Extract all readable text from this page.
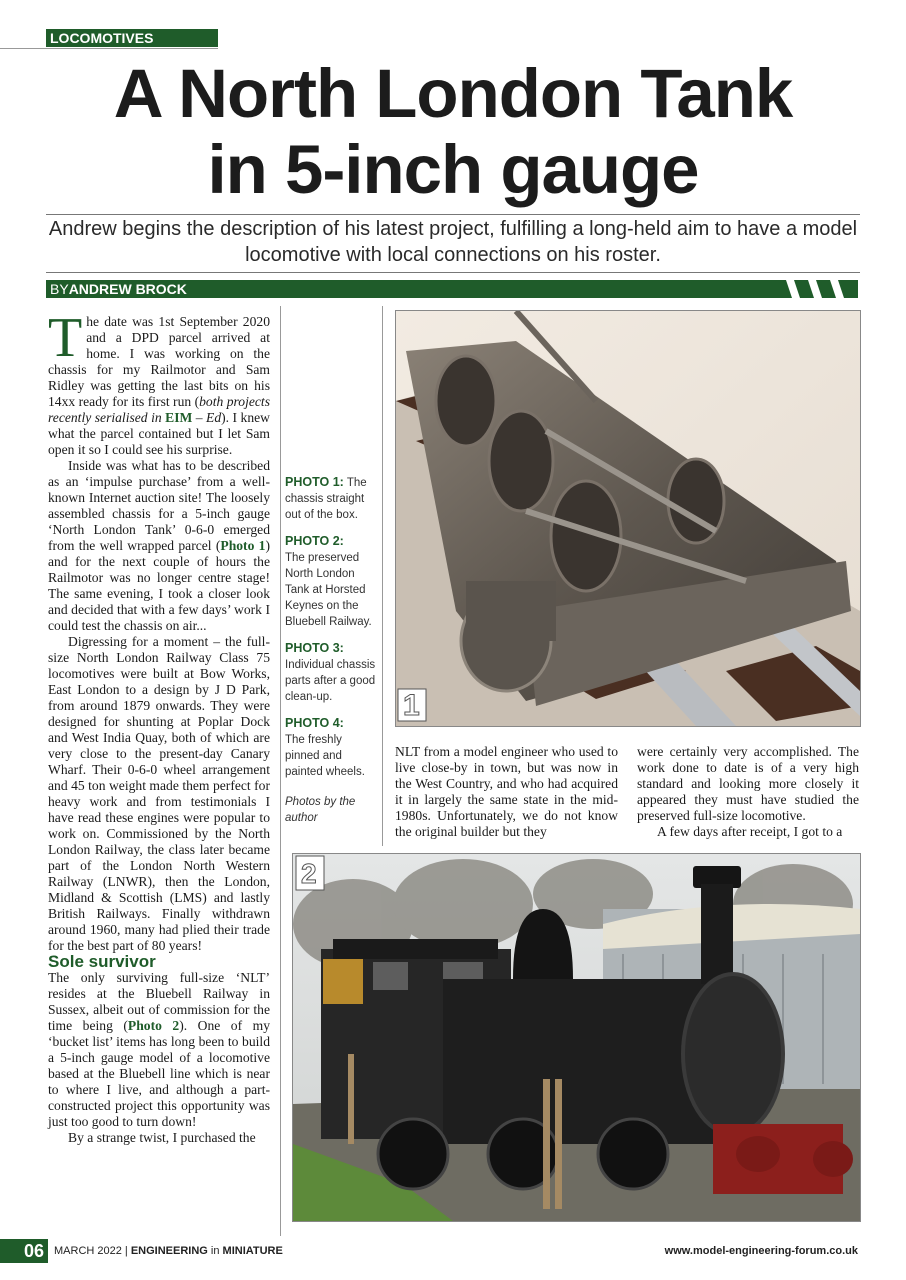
LOCOMOTIVES
A North London Tank
in 5-inch gauge
Andrew begins the description of his latest project, fulfilling a long-held aim to have a model locomotive with local connections on his roster.
BYANDREW BROCK

The date was 1st September 2020 and a DPD parcel arrived at home. I was working on the chassis for my Railmotor and Sam Ridley was getting the last bits on his 14xx ready for its first run (both projects recently serialised in EIM – Ed). I knew what the parcel contained but I let Sam open it so I could see his surprise.

Inside was what has to be described as an ‘impulse purchase’ from a well-known Internet auction site! The loosely assembled chassis for a 5-inch gauge ‘North London Tank’ 0-6-0 emerged from the well wrapped parcel (Photo 1) and for the next couple of hours the Railmotor was no longer centre stage! The same evening, I took a closer look and decided that with a few days’ work I could test the chassis on air...

Digressing for a moment – the full-size North London Railway Class 75 locomotives were built at Bow Works, East London to a design by J D Park, from around 1879 onwards. They were designed for shunting at Poplar Dock and West India Quay, both of which are very close to the present-day Canary Wharf. Their 0-6-0 wheel arrangement and 45 ton weight made them perfect for heavy work and from testimonials I have read these engines were popular to work on. Commissioned by the North London Railway, the class later became part of the London North Western Railway (LNWR), then the London, Midland & Scottish (LMS) and lastly British Railways. Finally withdrawn around 1960, many had plied their trade for the best part of 80 years!

Sole survivor

The only surviving full-size ‘NLT’ resides at the Bluebell Railway in Sussex, albeit out of commission for the time being (Photo 2). One of my ‘bucket list’ items has long been to build a 5-inch gauge model of a locomotive based at the Bluebell line which is near to where I live, and although a part-constructed project this opportunity was just too good to turn down!

By a strange twist, I purchased the

PHOTO 1: The chassis straight out of the box.
PHOTO 2:
The preserved North London Tank at Horsted Keynes on the Bluebell Railway.
PHOTO 3:
Individual chassis parts after a good clean-up.
PHOTO 4:
The freshly pinned and painted wheels.
Photos by the author
1

NLT from a model engineer who used to live close-by in town, but was now in the West Country, and who had acquired it in largely the same state in the mid-1980s. Unfortunately, we do not know the original builder but they

were certainly very accomplished. The work done to date is of a very high standard and looking more closely it appeared they must have studied the preserved full-size locomotive.

A few days after receipt, I got to a

2
06 MARCH 2022 | ENGINEERING in MINIATURE	www.model-engineering-forum.co.uk
